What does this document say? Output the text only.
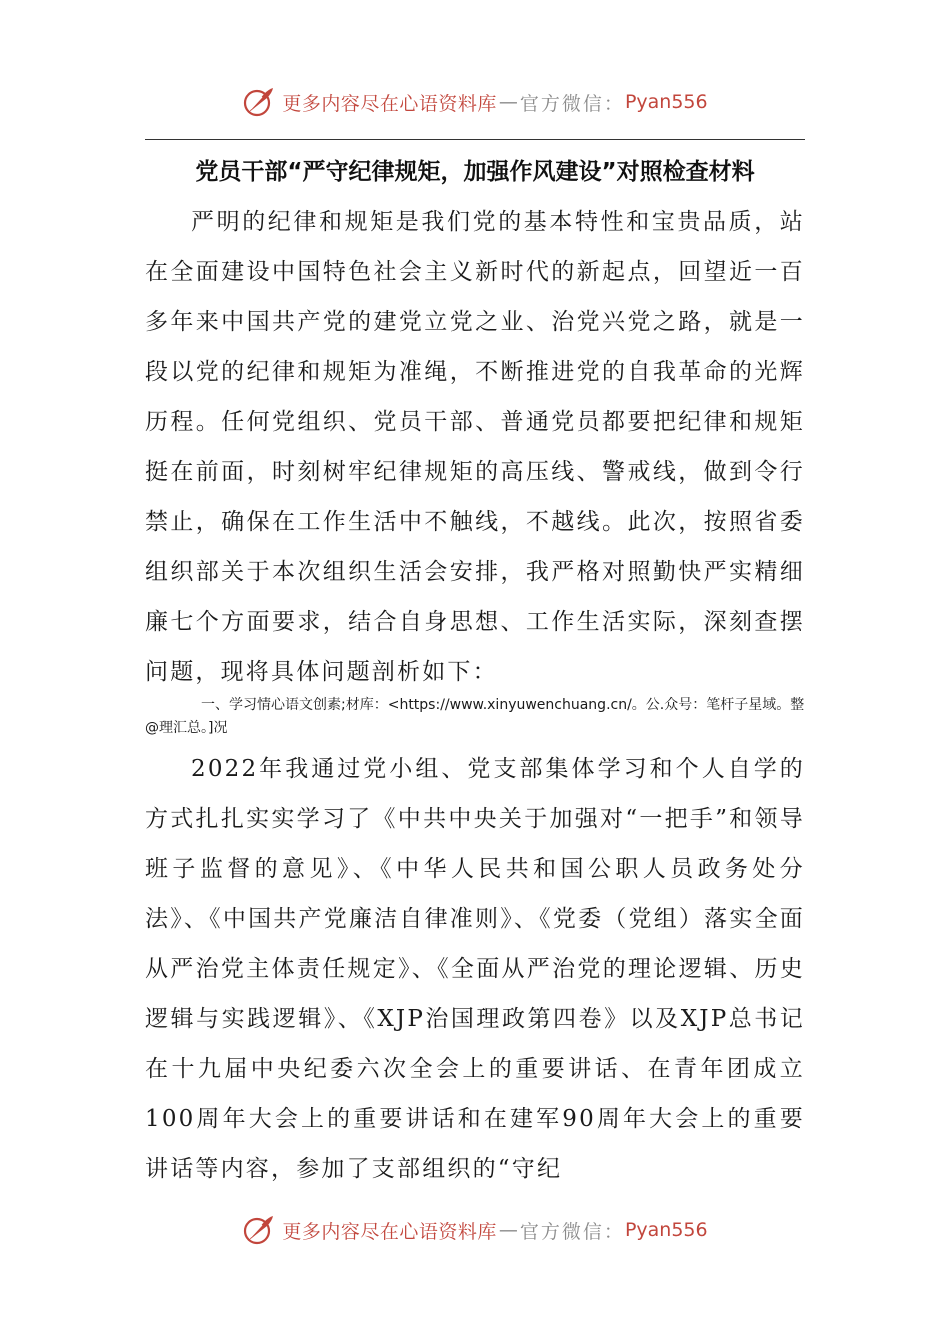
更多内容尽在心语资料库 — 官方微信： Pyan556
党员干部“严守纪律规矩，加强作风建设”对照检查材料

严明的纪律和规矩是我们党的基本特性和宝贵品质，站在全面建设中国特色社会主义新时代的新起点，回望近一百多年来中国共产党的建党立党之业、治党兴党之路，就是一段以党的纪律和规矩为准绳，不断推进党的自我革命的光辉历程。任何党组织、党员干部、普通党员都要把纪律和规矩挺在前面，时刻树牢纪律规矩的高压线、警戒线，做到令行禁止，确保在工作生活中不触线，不越线。此次，按照省委组织部关于本次组织生活会安排，我严格对照勤快严实精细廉七个方面要求，结合自身思想、工作生活实际，深刻查摆问题，现将具体问题剖析如下：

一、学习情心语文创素;材库：<https://www.xinyuwenchuang.cn/。公.众号：笔杆子星域。整@理汇总。]况

2022年我通过党小组、党支部集体学习和个人自学的方式扎扎实实学习了《中共中央关于加强对“一把手”和领导班子监督的意见》、《中华人民共和国公职人员政务处分法》、《中国共产党廉洁自律准则》、《党委（党组）落实全面从严治党主体责任规定》、《全面从严治党的理论逻辑、历史逻辑与实践逻辑》、《XJP治国理政第四卷》以及XJP总书记在十九届中央纪委六次全会上的重要讲话、在青年团成立100周年大会上的重要讲话和在建军90周年大会上的重要讲话等内容，参加了支部组织的“守纪

更多内容尽在心语资料库 — 官方微信： Pyan556
